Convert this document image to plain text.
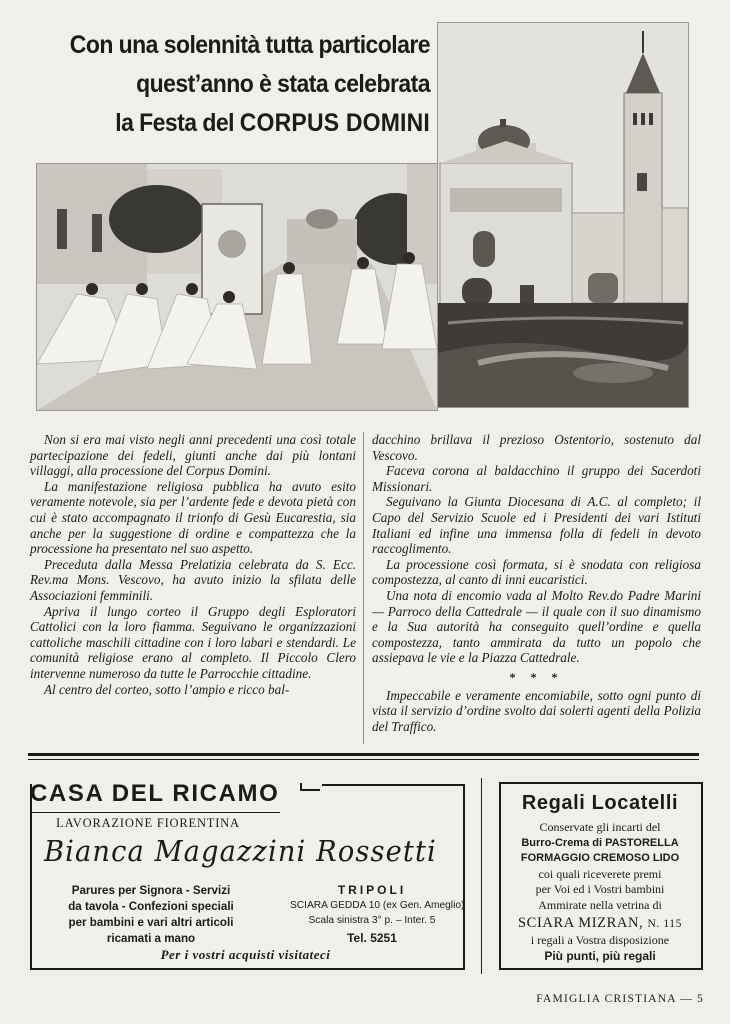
Con una solennità tutta particolare
quest’anno è stata celebrata
la Festa del CORPUS DOMINI

Non si era mai visto negli anni precedenti una così totale partecipazione dei fedeli, giunti anche dai più lontani villaggi, alla processione del Corpus Domini.

La manifestazione religiosa pubblica ha avuto esito veramente notevole, sia per l’ardente fede e devota pietà con cui è stato accompagnato il trionfo di Gesù Eucarestia, sia anche per la suggestione di ordine e compattezza che la processione ha presentato nel suo aspetto.

Preceduta dalla Messa Prelatizia celebrata da S. Ecc. Rev.ma Mons. Vescovo, ha avuto inizio la sfilata delle Associazioni femminili.

Apriva il lungo corteo il Gruppo degli Esploratori Cattolici con la loro fiamma. Seguivano le organizzazioni cattoliche maschili cittadine con i loro labari e stendardi. Le comunità religiose erano al completo. Il Piccolo Clero intervenne numeroso da tutte le Parrocchie cittadine.

Al centro del corteo, sotto l’ampio e ricco bal-

dacchino brillava il prezioso Ostentorio, sostenuto dal Vescovo.

Faceva corona al baldacchino il gruppo dei Sacerdoti Missionari.

Seguivano la Giunta Diocesana di A.C. al completo; il Capo del Servizio Scuole ed i Presidenti dei vari Istituti Italiani ed infine una immensa folla di fedeli in devoto raccoglimento.

La processione così formata, si è snodata con religiosa compostezza, al canto di inni eucaristici.

Una nota di encomio vada al Molto Rev.do Padre Marini — Parroco della Cattedrale — il quale con il suo dinamismo e la Sua autorità ha conseguito quell’ordine e quella compostezza, tanto ammirata da tutto un popolo che assiepava le vie e la Piazza Cattedrale.

* * *

Impeccabile e veramente encomiabile, sotto ogni punto di vista il servizio d’ordine svolto dai solerti agenti della Polizia del Traffico.

CASA DEL RICAMO
LAVORAZIONE FIORENTINA
Bianca Magazzini Rossetti
Parures per Signora - Servizi
da tavola - Confezioni speciali
per bambini e vari altri articoli
ricamati a mano
TRIPOLI
SCIARA GEDDA 10 (ex Gen. Ameglio)
Scala sinistra 3° p. – Inter. 5
Tel. 5251
Per i vostri acquisti visitateci
Regali Locatelli
Conservate gli incarti del
Burro-Crema di PASTORELLA
FORMAGGIO CREMOSO LIDO
coi quali riceverete premi
per Voi ed i Vostri bambini
Ammirate nella vetrina di
SCIARA MIZRAN, N. 115
i regali a Vostra disposizione
Più punti, più regali
FAMIGLIA CRISTIANA — 5
